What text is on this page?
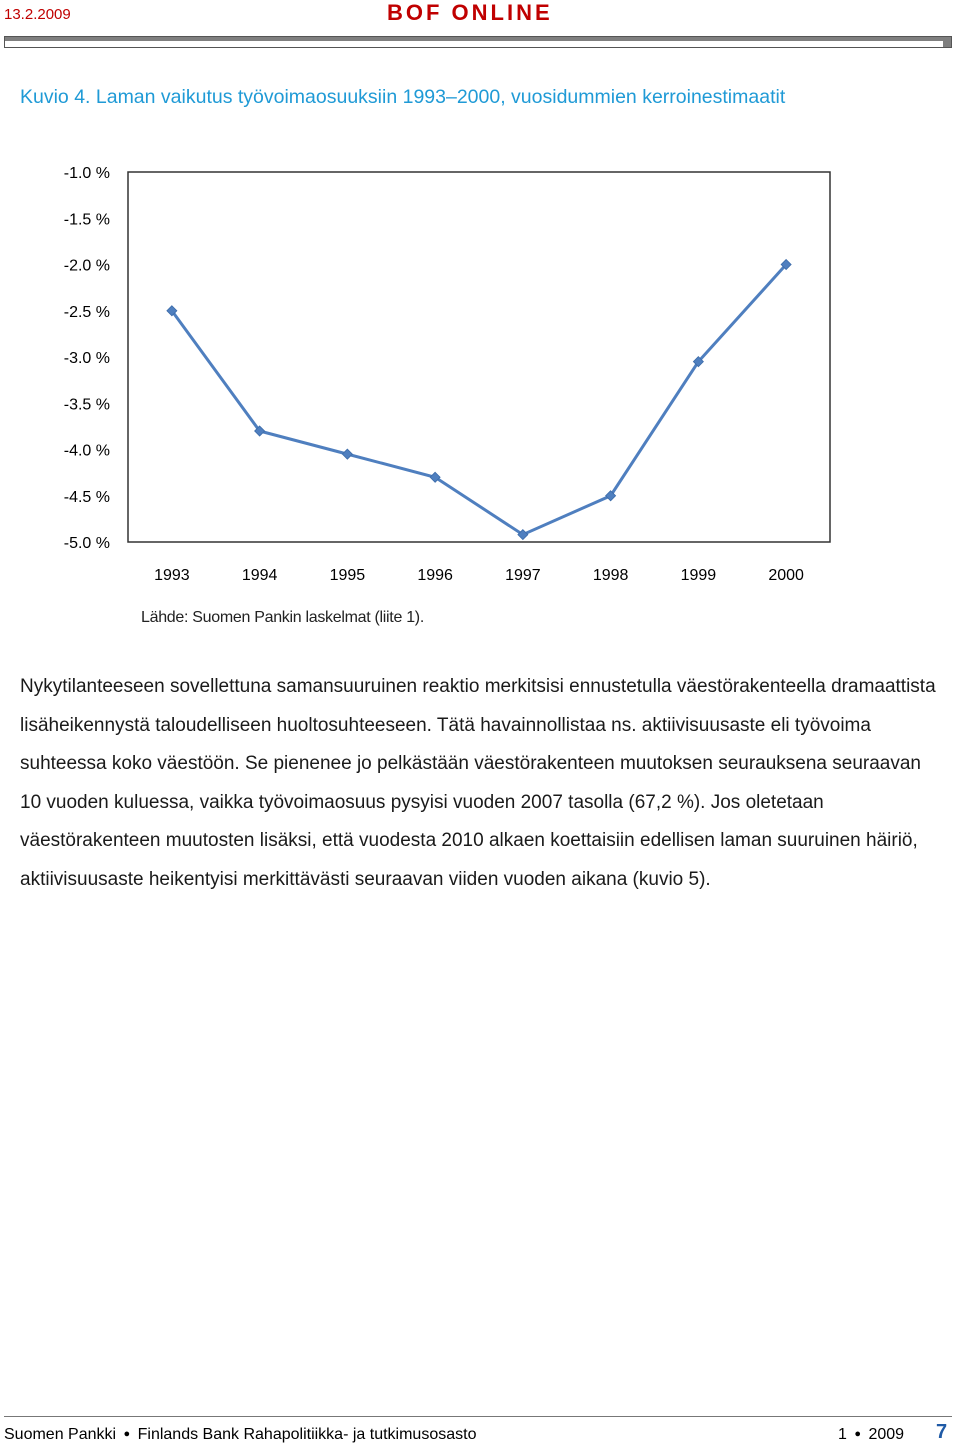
13.2.2009	BOF ONLINE
Kuvio 4. Laman vaikutus työvoimaosuuksiin 1993–2000, vuosidummien kerroinestimaatit
-1.0 %
-1.5 %
-2.0 %
-2.5 %
-3.0 %
-3.5 %
-4.0 %
-4.5 %
-5.0 %
1993	1994	1995	1996	1997	1998	1999	2000
Lähde: Suomen Pankin laskelmat (liite 1).

Nykytilanteeseen sovellettuna samansuuruinen reaktio merkitsisi ennustetulla väestörakenteella dramaattista lisäheikennystä taloudelliseen huoltosuhteeseen. Tätä havainnollistaa ns. aktiivisuusaste eli työvoima suhteessa koko väestöön. Se pienenee jo pelkästään väestörakenteen muutoksen seurauksena seuraavan 10 vuoden kuluessa, vaikka työvoimaosuus pysyisi vuoden 2007 tasolla (67,2 %). Jos oletetaan väestörakenteen muutosten lisäksi, että vuodesta 2010 alkaen koettaisiin edellisen laman suuruinen häiriö, aktiivisuusaste heikentyisi merkittävästi seuraavan viiden vuoden aikana (kuvio 5).

Suomen Pankki ● Finlands Bank Rahapolitiikka- ja tutkimusosasto	1 ● 2009 7
